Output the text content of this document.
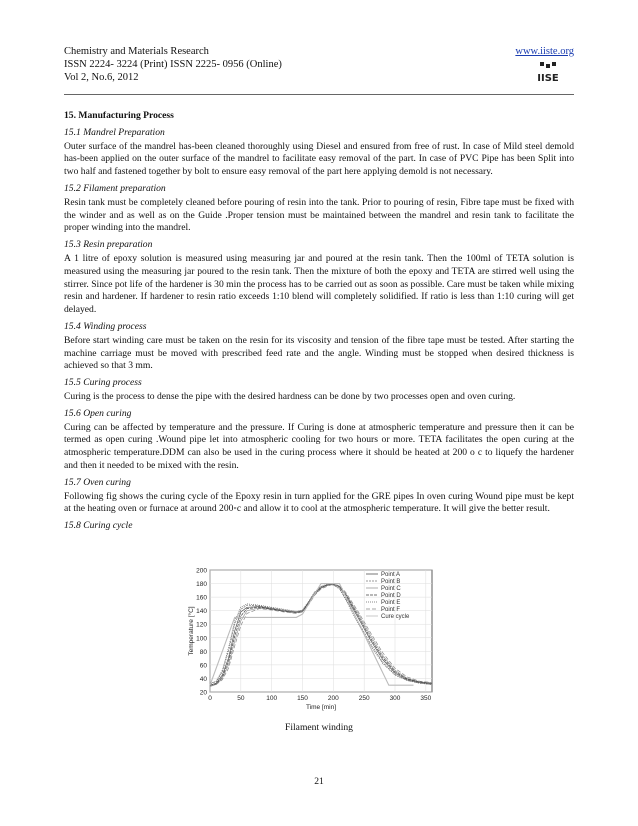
Chemistry and Materials Research
ISSN 2224- 3224 (Print) ISSN 2225- 0956 (Online)
Vol 2, No.6, 2012
www.iiste.org
IISE
15. Manufacturing Process
15.1 Mandrel Preparation

Outer surface of the mandrel has-been cleaned thoroughly using Diesel and ensured from free of rust. In case of Mild steel demold has-been applied on the outer surface of the mandrel to facilitate easy removal of the part. In case of PVC Pipe has been Split into two half and fastened together by bolt to ensure easy removal of the part here applying demold is not necessary.

15.2 Filament preparation

Resin tank must be completely cleaned before pouring of resin into the tank. Prior to pouring of resin, Fibre tape must be fixed with the winder and as well as on the Guide .Proper tension must be maintained between the mandrel and resin tank to facilitate the proper winding into the mandrel.

15.3 Resin preparation

A 1 litre of epoxy solution is measured using measuring jar and poured at the resin tank. Then the 100ml of TETA solution is measured using the measuring jar poured to the resin tank. Then the mixture of both the epoxy and TETA are stirred well using the stirrer. Since pot life of the hardener is 30 min the process has to be carried out as soon as possible. Care must be taken while mixing resin and hardener. If hardener to resin ratio exceeds 1:10 blend will completely solidified. If ratio is less than 1:10 curing will get delayed.

15.4 Winding process

Before start winding care must be taken on the resin for its viscosity and tension of the fibre tape must be tested. After starting the machine carriage must be moved with prescribed feed rate and the angle. Winding must be stopped when desired thickness is achieved so that 3 mm.

15.5 Curing process

Curing is the process to dense the pipe with the desired hardness can be done by two processes open and oven curing.

15.6 Open curing

Curing can be affected by temperature and the pressure. If Curing is done at atmospheric temperature and pressure then it can be termed as open curing .Wound pipe let into atmospheric cooling for two hours or more. TETA facilitates the open curing at the atmospheric temperature.DDM can also be used in the curing process where it should be heated at 200 o c to liquefy the hardener and then it needed to be mixed with the resin.

15.7 Oven curing

Following fig shows the curing cycle of the Epoxy resin in turn applied for the GRE pipes In oven curing Wound pipe must be kept at the heating oven or furnace at around 200◦c and allow it to cool at the atmospheric temperature. It will give the better result.

15.8 Curing cycle
20
40
60
80
100
120
140
160
180
200
0	50	100	150	200	250	300	350
Time [min]
Temperature [°C]
Point A
Point B
Point C
Point D
Point E
Point F
Cure cycle
Filament winding
21
